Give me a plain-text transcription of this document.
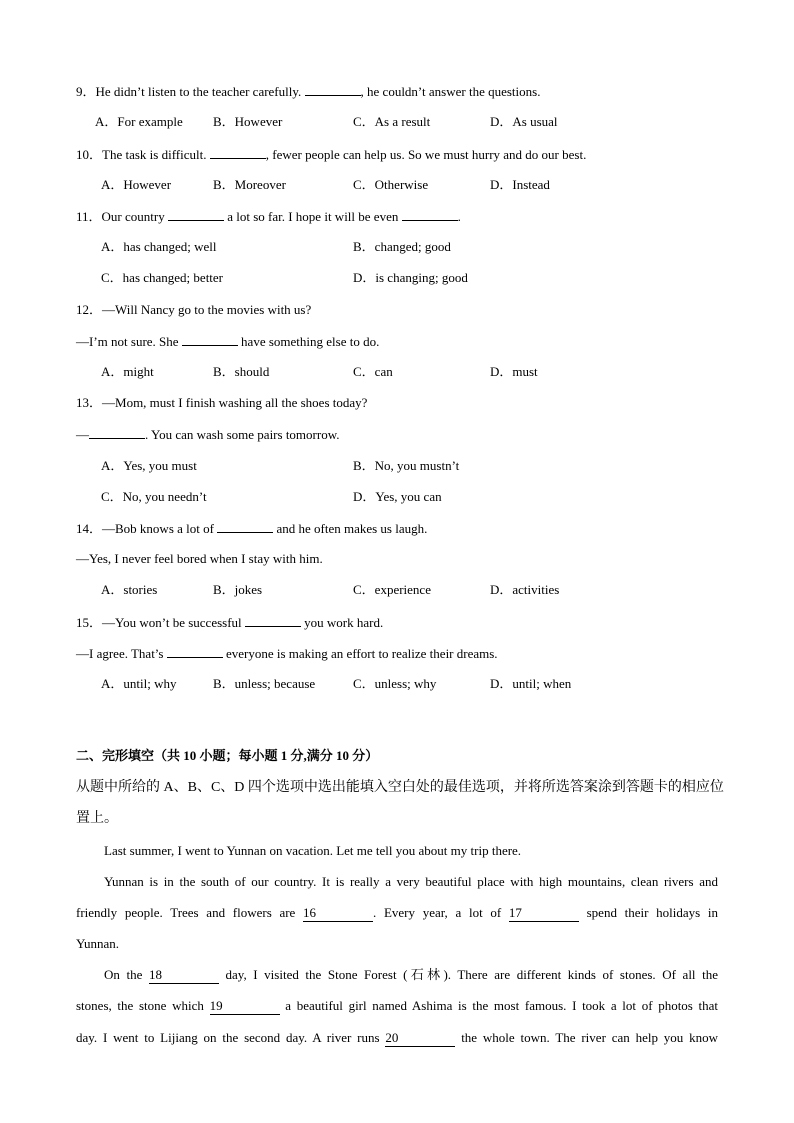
9．He didn’t listen to the teacher carefully.	, he couldn’t answer the questions.
A．For example B．However	C．As a result	D．As usual
10．The task is difficult.	, fewer people can help us. So we must hurry and do our best.
A．However	B．Moreover	C．Otherwise	D．Instead
11．Our country	a lot so far. I hope it will be even	.
A．has changed; well	B．changed; good
C．has changed; better	D．is changing; good
12．—Will Nancy go to the movies with us?
—I’m not sure. She	have something else to do.
A．might	B．should	C．can	D．must
13．—Mom, must I finish washing all the shoes today?
—	. You can wash some pairs tomorrow.
A．Yes, you must	B．No, you mustn’t
C．No, you needn’t	D．Yes, you can
14．—Bob knows a lot of	and he often makes us laugh.
—Yes, I never feel bored when I stay with him.
A．stories	B．jokes	C．experience	D．activities
15．—You won’t be successful	you work hard.
—I agree. That’s	everyone is making an effort to realize their dreams.
A．until; why	B．unless; because	C．unless; why	D．until; when
二、完形填空（共 10 小题；每小题 1 分,满分 10 分）
从题中所给的 A、B、C、D 四个选项中选出能填入空白处的最佳选项，并将所选答案涂到答题卡的相应位
置上。
Last summer, I went to Yunnan on vacation. Let me tell you about my trip there.
Yunnan is in the south of our country. It is really a very beautiful place with high mountains, clean rivers and
friendly people. Trees and flowers are 16	. Every year, a lot of 17	spend their holidays in
Yunnan.
On the 18	day, I visited the Stone Forest (石林). There are different kinds of stones. Of all the
stones, the stone which 19	a beautiful girl named Ashima is the most famous. I took a lot of photos that
day. I went to Lijiang on the second day. A river runs 20	the whole town. The river can help you know
